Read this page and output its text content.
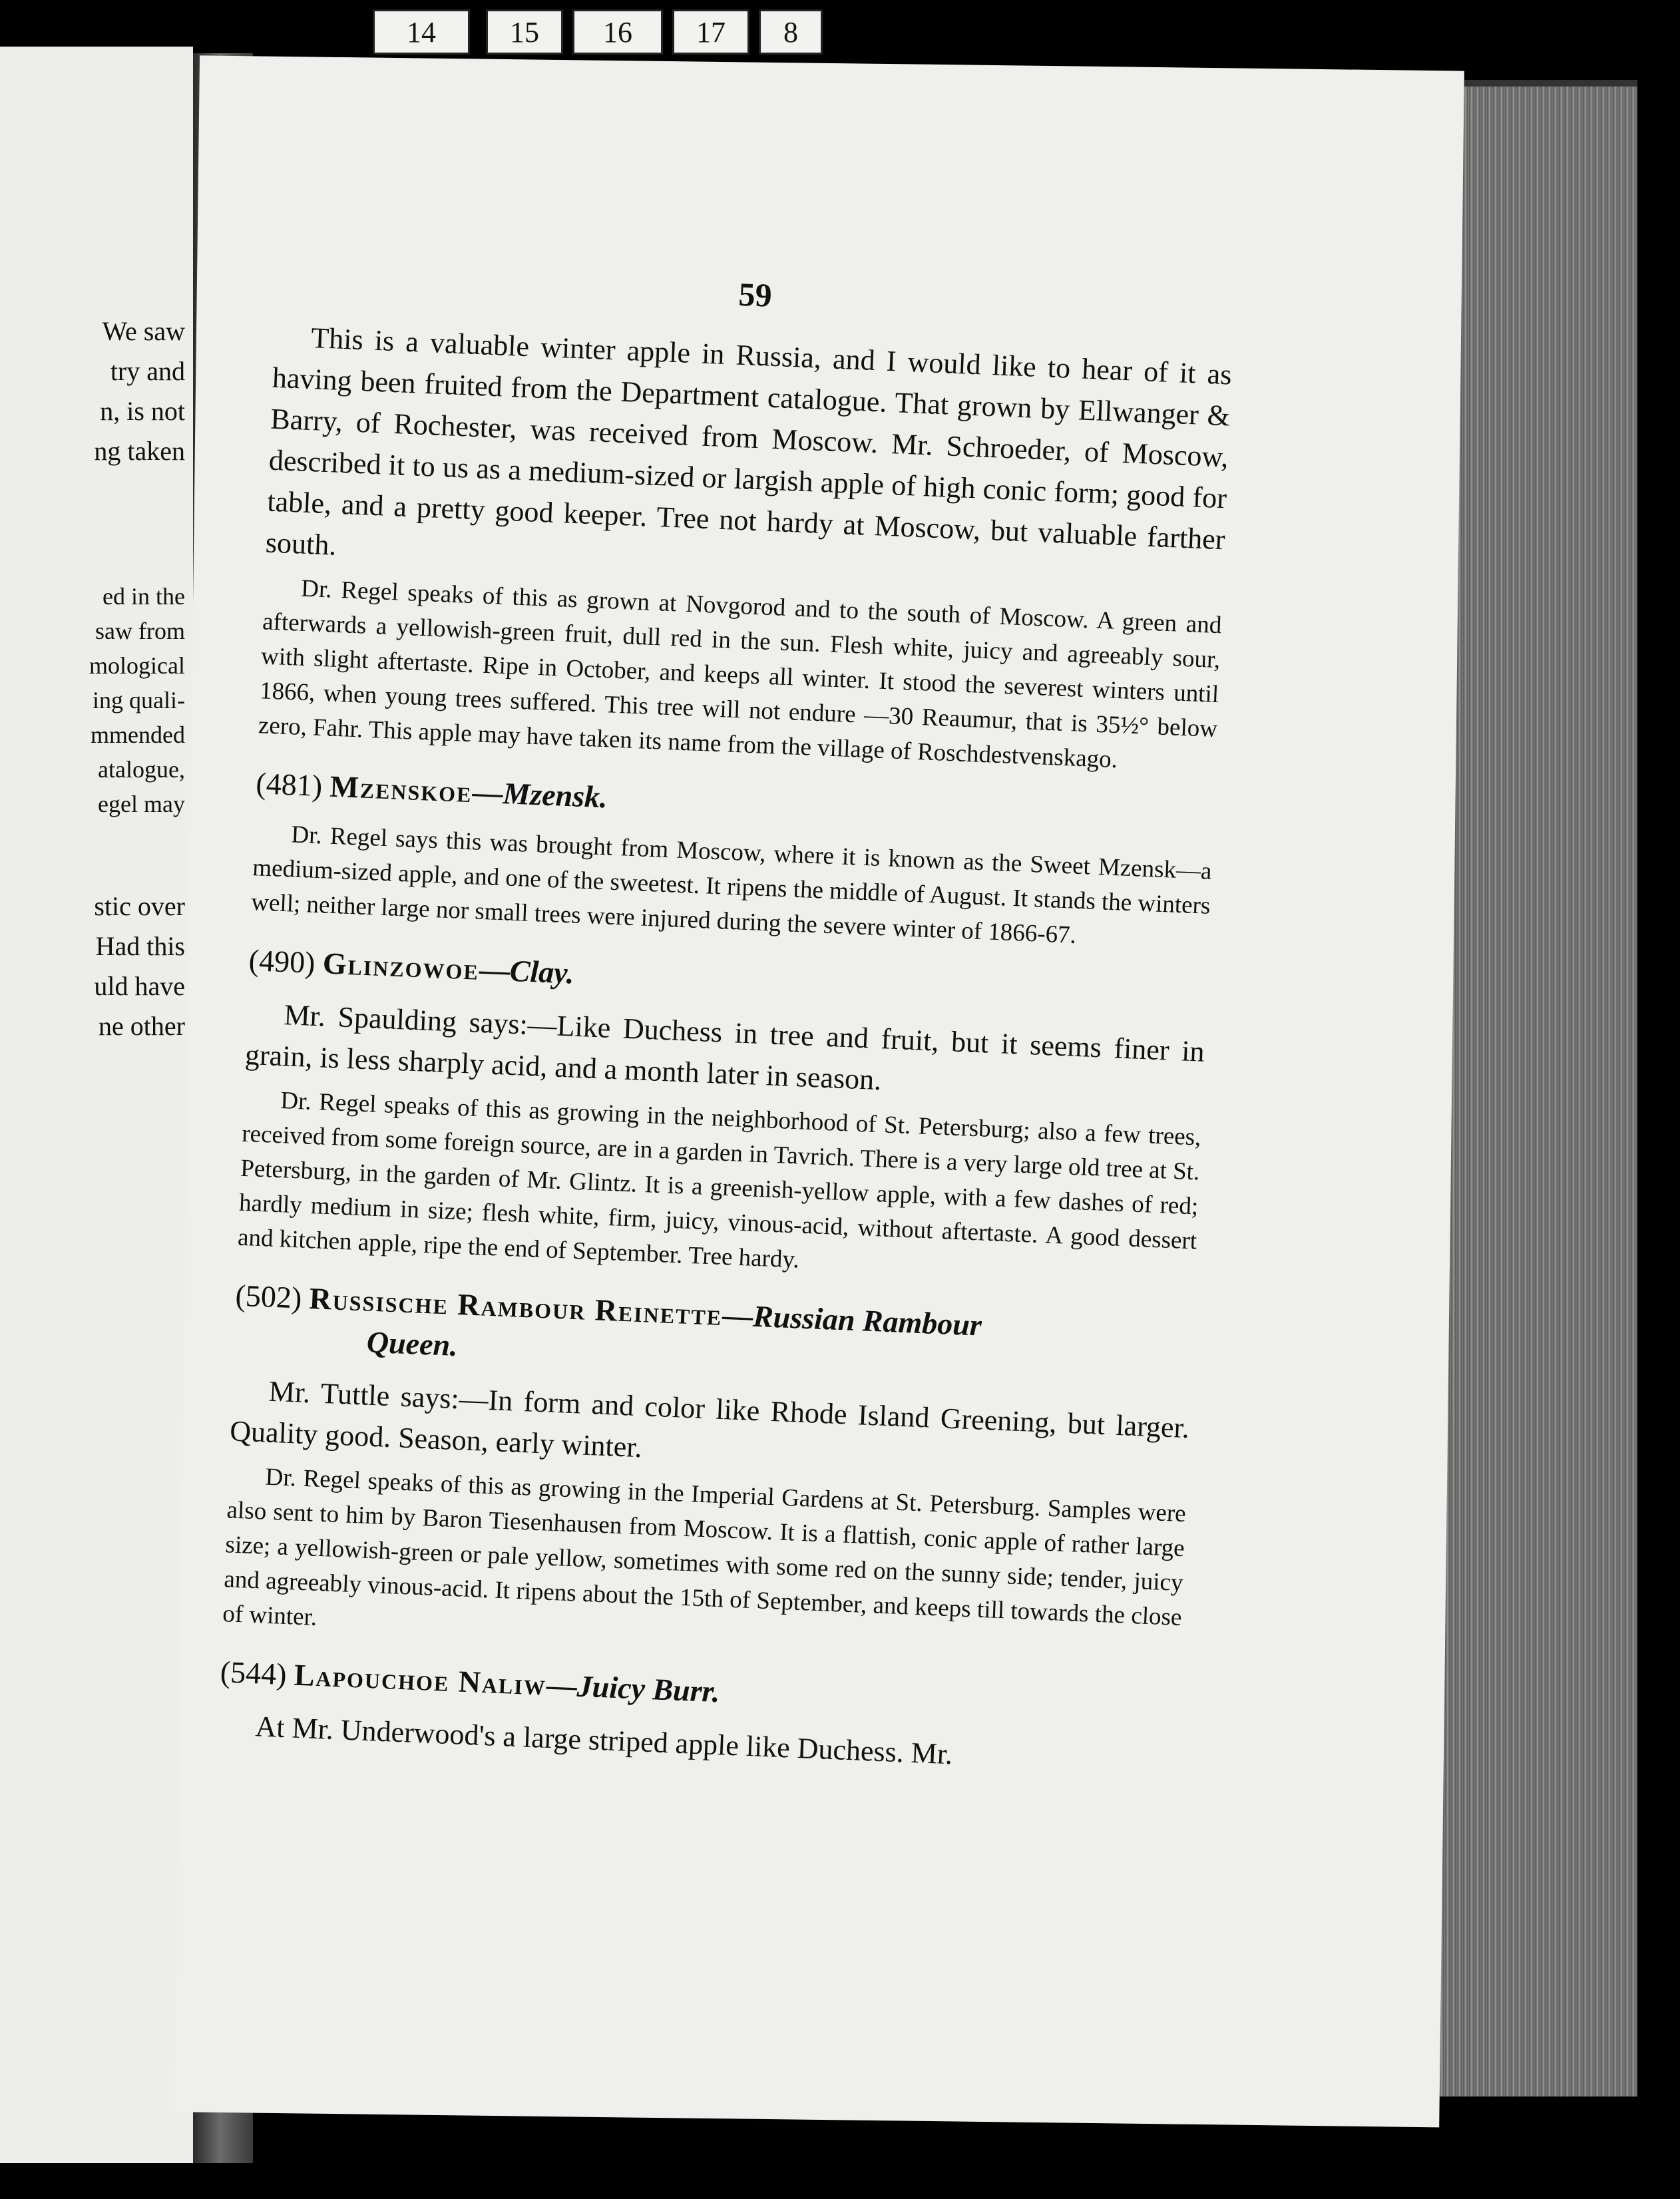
14	15	16	17	8
We saw
try and
n, is not
ng taken
ed in the
saw from
mological
ing quali-
mmended
atalogue,
egel may
stic over
Had this
uld have
ne other
59

This is a valuable winter apple in Russia, and I would like to hear of it as having been fruited from the Department catalogue. That grown by Ellwanger & Barry, of Rochester, was received from Moscow. Mr. Schroeder, of Moscow, described it to us as a medium-sized or largish apple of high conic form; good for table, and a pretty good keeper. Tree not hardy at Moscow, but valuable farther south.

Dr. Regel speaks of this as grown at Novgorod and to the south of Moscow. A green and afterwards a yellowish-green fruit, dull red in the sun. Flesh white, juicy and agreeably sour, with slight aftertaste. Ripe in October, and keeps all winter. It stood the severest winters until 1866, when young trees suffered. This tree will not endure —30 Reaumur, that is 35½° below zero, Fahr. This apple may have taken its name from the village of Roschdestvenskago.

(481) Mzenskoe—Mzensk.

Dr. Regel says this was brought from Moscow, where it is known as the Sweet Mzensk—a medium-sized apple, and one of the sweetest. It ripens the middle of August. It stands the winters well; neither large nor small trees were injured during the severe winter of 1866-67.

(490) Glinzowoe—Clay.

Mr. Spaulding says:—Like Duchess in tree and fruit, but it seems finer in grain, is less sharply acid, and a month later in season.

Dr. Regel speaks of this as growing in the neighborhood of St. Petersburg; also a few trees, received from some foreign source, are in a garden in Tavrich. There is a very large old tree at St. Petersburg, in the garden of Mr. Glintz. It is a greenish-yellow apple, with a few dashes of red; hardly medium in size; flesh white, firm, juicy, vinous-acid, without aftertaste. A good dessert and kitchen apple, ripe the end of September. Tree hardy.

(502) Russische Rambour Reinette—Russian Rambour
Queen.

Mr. Tuttle says:—In form and color like Rhode Island Greening, but larger. Quality good. Season, early winter.

Dr. Regel speaks of this as growing in the Imperial Gardens at St. Petersburg. Samples were also sent to him by Baron Tiesenhausen from Moscow. It is a flattish, conic apple of rather large size; a yellowish-green or pale yellow, sometimes with some red on the sunny side; tender, juicy and agreeably vinous-acid. It ripens about the 15th of September, and keeps till towards the close of winter.

(544) Lapouchoe Naliw—Juicy Burr.

At Mr. Underwood's a large striped apple like Duchess. Mr.
